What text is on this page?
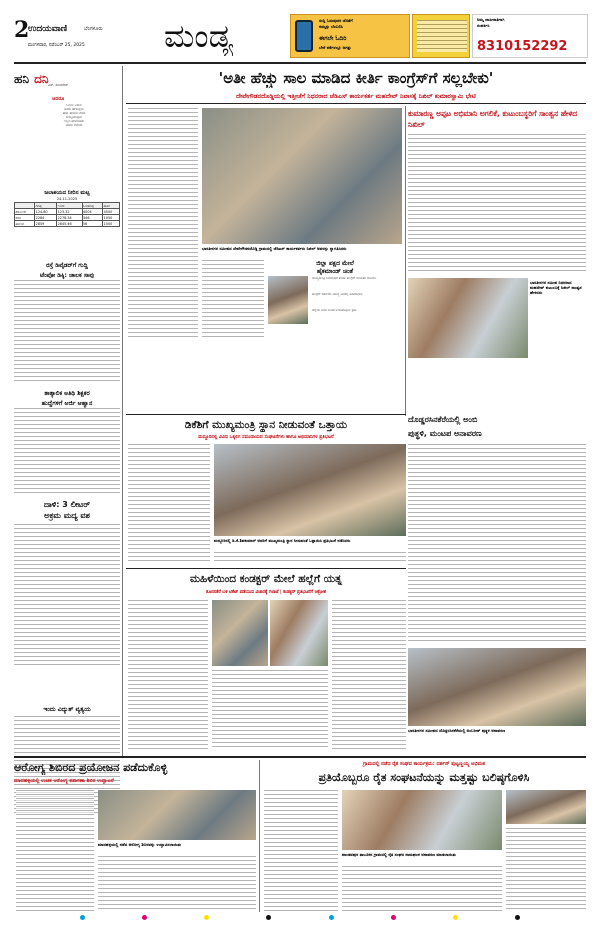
2
ಉದಯವಾಣಿ	ಬೆಂಗಳೂರು
ಮಂಗಳವಾರ, ನವೆಂಬರ್ 25, 2025 ಮಂಡ್ಯ	ಸುದ್ದಿ ಓದುವುದರ ಜೊತೆಗೆ
ನಮ್ಮನ್ನು ಬೆಂಬಲಿಸಿ
ಈಗಲೇ ಓದಿರಿ
ಬೇರೆ ಕಡೆಗಳಲ್ಲೂ ಜಗತ್ತು
ನಿಮ್ಮ ಜಾಹೀರಾತಿಗಾಗಿ
ಸಂಪರ್ಕಿಸಿ
8310152292
ಹನಿ ದನಿ ಎಸ್. ಸುಂದರೇಶ್
ಆದರೂ
ಓದಲು ಬರುವ
ಅವರು ಹೇಳುವುದು
ಹೆಚ್ಚು ಹೇಳುವ ಬೇಸರ
ಸುಮ್ಮನಿರುವುದು
ಇಲ್ಲದ ಹೇಳುವವರು
ಯಾರು ನೆನೆದರು
ಜಲಾಶಯದ ನೀರಿನ ಮಟ್ಟ
24-11-2025
	ಗರಿಷ್ಠ	ಇಂದು	ಒಳಹರಿವು	ಹೊರ
ಕೆಆರ್ಎಸ್	124.80	123.32	4004	4500
ಕಬಿನಿ	2284	2278.34	346	1050
ಹಾರಂಗಿ	2859	2845.46	56	1500
ರಸ್ತೆ ಡಿವೈಡರ್‌ಗೆ ಗುದ್ದಿ
ಟೆಂಪೋ ಡಿಕ್ಕಿ: ಚಾಲಕ ಸಾವು
ತಾತ್ಕಾಲಿಕ ಅತಿಥಿ ಶಿಕ್ಷಕರ
ಹುದ್ದೆಗಳಿಗೆ ಅರ್ಜಿ ಆಹ್ವಾನ
ದಾಳಿ: 3 ಲೀಟರ್
ಅಕ್ರಮ ಮದ್ಯ ವಶ
ಇಂದು ವಿದ್ಯುತ್ ವ್ಯತ್ಯಯ
'ಅತೀ ಹೆಚ್ಚು ಸಾಲ ಮಾಡಿದ ಕೀರ್ತಿ ಕಾಂಗ್ರೆಸ್‌ಗೆ ಸಲ್ಲಬೇಕು'
ದೇವೇಗೌಡನದೊಡ್ಡಿಯಲ್ಲಿ ಇತ್ತೀಚೆಗೆ ನಿಧನರಾದ ಜೆಡಿಎಸ್ ಕಾರ್ಯಕರ್ತ ಮಹದೇವ್ ನಿವಾಸಕ್ಕೆ ನಿಖಿಲ್ ಕುಮಾರಸ್ವಾಮಿ ಭೇಟಿ
ಭಾರತೀನಗರ ಸಮೀಪದ ದೇವೇಗೌಡನದೊಡ್ಡಿ ಗ್ರಾಮದಲ್ಲಿ ಜೆಡಿಎಸ್ ಕಾರ್ಯಕರ್ತರು ನಿಖಿಲ್ ಅವರನ್ನು ಸ್ವಾಗತಿಸಿದರು
ಜಿಲ್ಲಾ ಪಕ್ಷದ ಮೇಲೆ
ಹೈಕಮಾಂಡ್ ಚಿಂತೆ
ಮುಖ್ಯಮಂತ್ರಿ ಬದಲಾವಣೆ ಕುರಿತು ಕಾಂಗ್ರೆಸ್ ನಾಯಕರ ಗೊಂದಲ
ಕಾಂಗ್ರೆಸ್ ಸರ್ಕಾರದ ವಿರುದ್ಧ ಜನರಲ್ಲಿ ಅಸಮಾಧಾನ
ಜಿಲ್ಲೆಯ ಜನರ ನಂಬಿಕೆ ಉಳಿಸಿಕೊಳ್ಳಲು ಶ್ರಮ
ಕುಮಾರಣ್ಣ ಅಪ್ಪಟ ಅಭಿಮಾನಿ ಅಗಲಿಕೆ, ಕುಟುಂಬಸ್ಥರಿಗೆ ಸಾಂತ್ವನ ಹೇಳಿದ ನಿಖಿಲ್
ಭಾರತೀನಗರ ಸಮೀಪ ನಿಧನರಾದ ಮಹದೇವ್ ಕುಟುಂಬಕ್ಕೆ ನಿಖಿಲ್ ಸಾಂತ್ವನ ಹೇಳಿದರು
ಡಿಕೆಶಿಗೆ ಮುಖ್ಯಮಂತ್ರಿ ಸ್ಥಾನ ನೀಡುವಂತೆ ಒತ್ತಾಯ
ಮದ್ದೂರಿನಲ್ಲಿ ವಿವಿಧ ಒಕ್ಕಲಿಗ ಸಮುದಾಯದ ಸಂಘಟನೆಗಳು ಹಾಗೂ ಅಭಿಮಾನಿಗಳ ಪ್ರತಿಭಟನೆ
ಮದ್ದೂರಿನಲ್ಲಿ ಡಿ.ಕೆ.ಶಿವಕುಮಾರ್ ಅವರಿಗೆ ಮುಖ್ಯಮಂತ್ರಿ ಸ್ಥಾನ ನೀಡುವಂತೆ ಒತ್ತಾಯಿಸಿ ಪ್ರತಿಭಟನೆ ನಡೆಸಿದರು
ದೊಡ್ಡರಸಿನಕೆರೆಯಲ್ಲಿ ಅಂಬಿ
ಪುತ್ಥಳಿ, ಮಂಟಪ ಅನಾವರಣ
ಮಹಿಳೆಯಿಂದ ಕಂಡಕ್ಟರ್ ಮೇಲೆ ಹಲ್ಲೆಗೆ ಯತ್ನ
ತೂಬಿನಕೆರೆ ಬಳಿ ಟಿಕೆಟ್ ಪಡೆಯುವ ವಿಚಾರಕ್ಕೆ ಗಲಾಟೆ | ಕಂಡಕ್ಟರ್ ಪ್ರತಿಭಟನೆಗೆ ಆಕ್ರೋಶ
ಭಾರತೀನಗರ ಸಮೀಪದ ದೊಡ್ಡರಸಿನಕೆರೆಯಲ್ಲಿ ಅಂಬರೀಶ್ ಪುತ್ಥಳಿ ಅನಾವರಣ
ಆರೋಗ್ಯ ಶಿಬಿರದ ಪ್ರಯೋಜನ ಪಡೆದುಕೊಳ್ಳಿ
ಮಾದಹಳ್ಳಿಯಲ್ಲಿ ಉಚಿತ ಆರೋಗ್ಯ ತಪಾಸಣಾ ಶಿಬಿರ ಉದ್ಘಾಟನೆ
ಮಾದಹಳ್ಳಿಯಲ್ಲಿ ನಡೆದ ಆರೋಗ್ಯ ಶಿಬಿರವನ್ನು ಉದ್ಘಾಟಿಸಲಾಯಿತು
ಗ್ರಾಮದಲ್ಲಿ ನಡೆದ ರೈತ ಸಂಘದ ಕಾರ್ಯಕ್ರಮ: ದರ್ಶನ್ ಪುಟ್ಟಣ್ಣಯ್ಯ ಅಭಿಮತ
ಪ್ರತಿಯೊಬ್ಬರೂ ರೈತ ಸಂಘಟನೆಯನ್ನು ಮತ್ತಷ್ಟು ಬಲಿಷ್ಠಗೊಳಿಸಿ
ಪಾಂಡವಪುರ ತಾಲೂಕಿನ ಗ್ರಾಮದಲ್ಲಿ ರೈತ ಸಂಘದ ನಾಮಫಲಕ ಅನಾವರಣ ಮಾಡಲಾಯಿತು
